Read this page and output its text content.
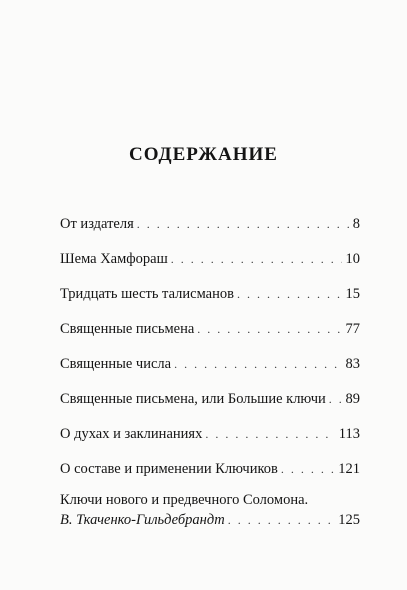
СОДЕРЖАНИЕ
От издателя . . .	8
Шема Хамфораш . . .	10
Тридцать шесть талисманов . . .	15
Священные письмена . . .	77
Священные числа . . .	83
Священные письмена, или Большие ключи . . . 89
О духах и заклинаниях . . .	113
О составе и применении Ключиков . . .	121
Ключи нового и предвечного Соломона.
В. Ткаченко-Гильдебрандт . . .	125
